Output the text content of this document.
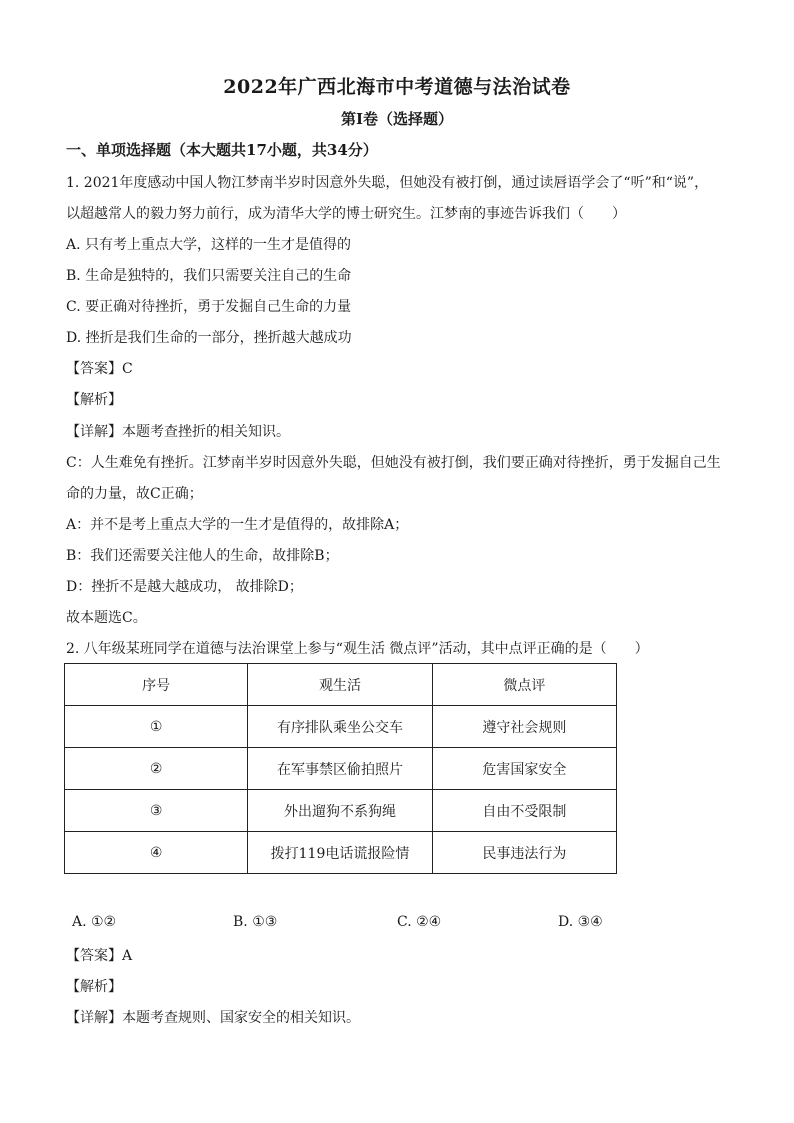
2022年广西北海市中考道德与法治试卷
第Ⅰ卷（选择题）
一、单项选择题（本大题共17小题，共34分）
1. 2021年度感动中国人物江梦南半岁时因意外失聪，但她没有被打倒，通过读唇语学会了“听”和“说”，
以超越常人的毅力努力前行，成为清华大学的博士研究生。江梦南的事迹告诉我们（　　）
A. 只有考上重点大学，这样的一生才是值得的
B. 生命是独特的，我们只需要关注自己的生命
C. 要正确对待挫折，勇于发掘自己生命的力量
D. 挫折是我们生命的一部分，挫折越大越成功
【答案】C
【解析】
【详解】本题考查挫折的相关知识。
C：人生难免有挫折。江梦南半岁时因意外失聪，但她没有被打倒，我们要正确对待挫折，勇于发掘自己生
命的力量，故C正确；
A：并不是考上重点大学的一生才是值得的，故排除A；
B：我们还需要关注他人的生命，故排除B；
D：挫折不是越大越成功， 故排除D；
故本题选C。
2. 八年级某班同学在道德与法治课堂上参与“观生活 微点评”活动，其中点评正确的是（　　）
序号	观生活	微点评
①	有序排队乘坐公交车	遵守社会规则
②	在军事禁区偷拍照片	危害国家安全
③	外出遛狗不系狗绳	自由不受限制
④	拨打119电话谎报险情	民事违法行为
A. ①②	B. ①③	C. ②④	D. ③④
【答案】A
【解析】
【详解】本题考查规则、国家安全的相关知识。
